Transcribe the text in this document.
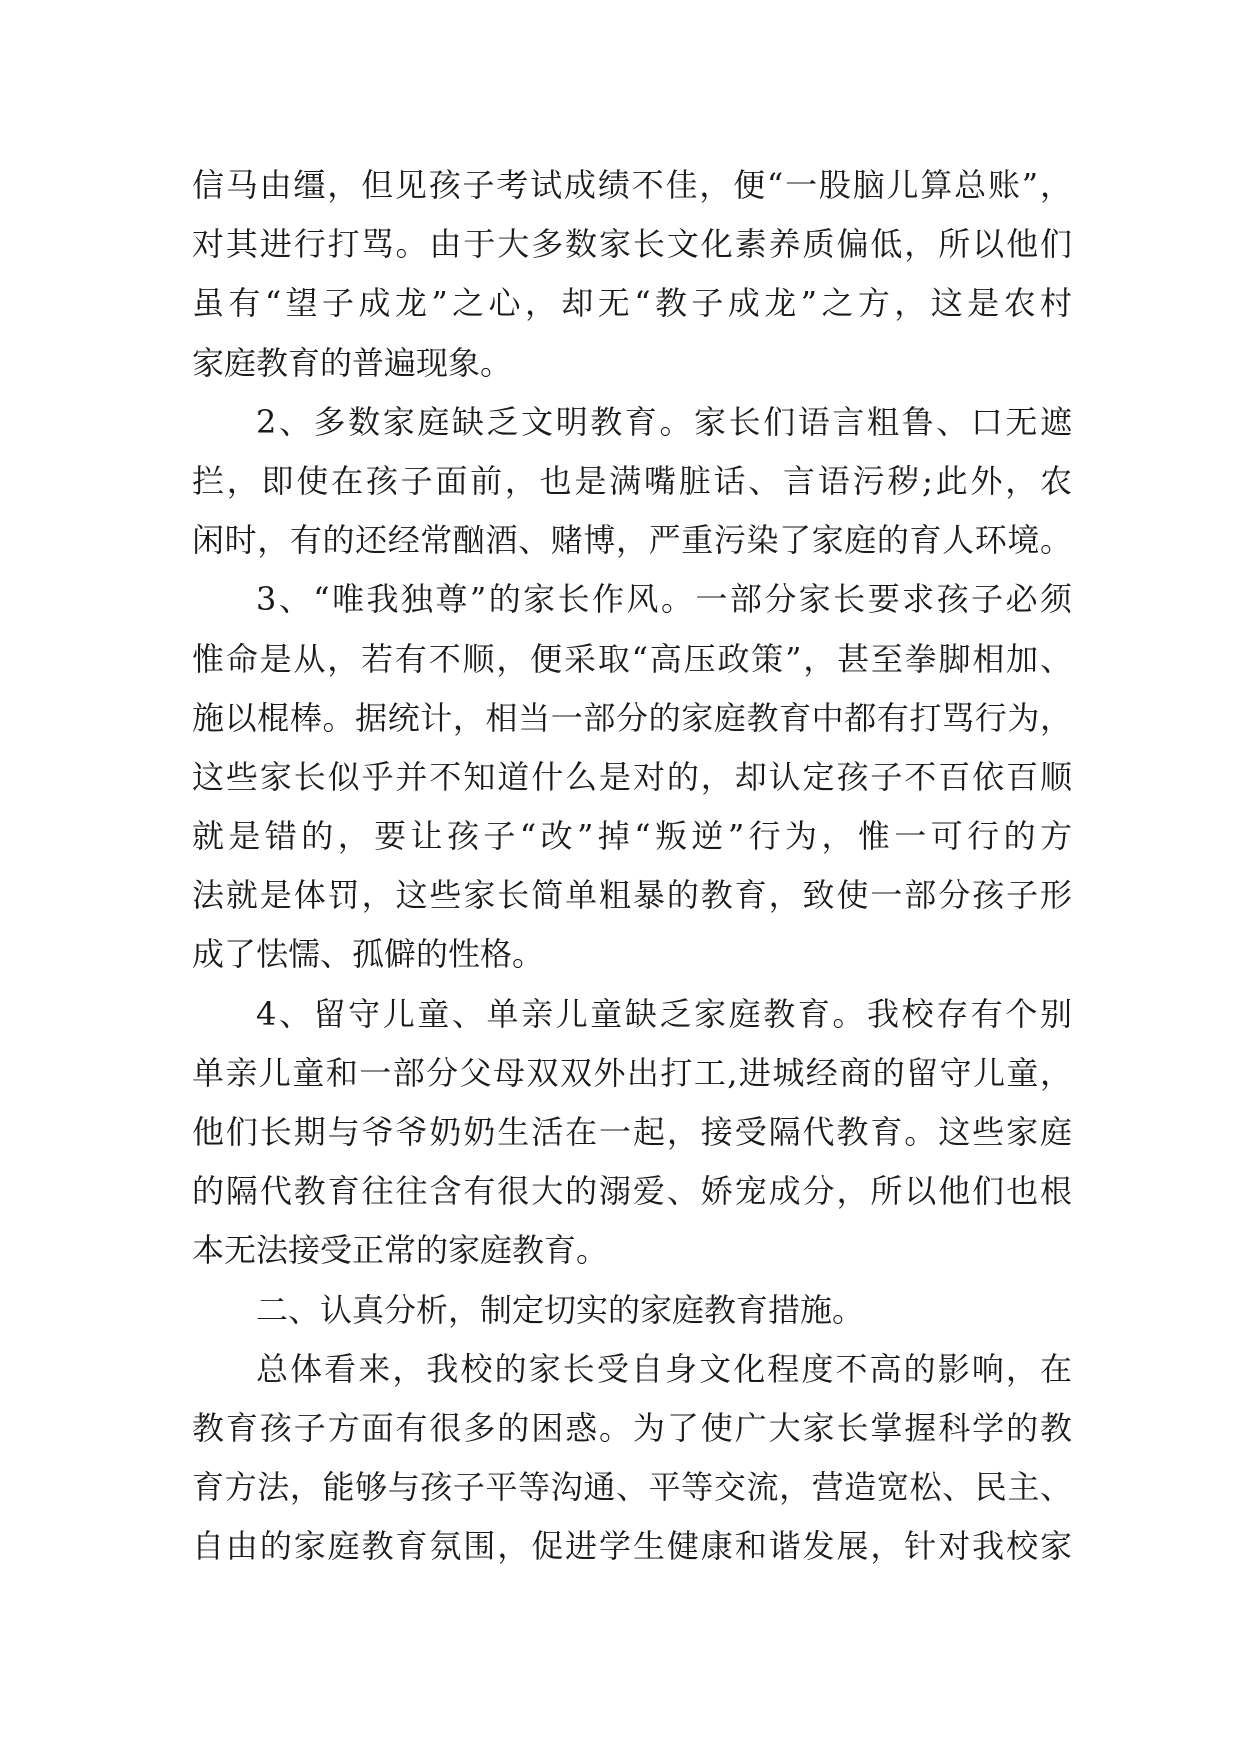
信马由缰，但见孩子考试成绩不佳，便“一股脑儿算总账”，
对其进行打骂。由于大多数家长文化素养质偏低，所以他们
虽有“望子成龙”之心，却无“教子成龙”之方，这是农村
家庭教育的普遍现象。
2、多数家庭缺乏文明教育。家长们语言粗鲁、口无遮
拦，即使在孩子面前，也是满嘴脏话、言语污秽;此外，农
闲时，有的还经常酗酒、赌博，严重污染了家庭的育人环境。
3、“唯我独尊”的家长作风。一部分家长要求孩子必须
惟命是从，若有不顺，便采取“高压政策”，甚至拳脚相加、
施以棍棒。据统计，相当一部分的家庭教育中都有打骂行为，
这些家长似乎并不知道什么是对的，却认定孩子不百依百顺
就是错的，要让孩子“改”掉“叛逆”行为，惟一可行的方
法就是体罚，这些家长简单粗暴的教育，致使一部分孩子形
成了怯懦、孤僻的性格。
4、留守儿童、单亲儿童缺乏家庭教育。我校存有个别
单亲儿童和一部分父母双双外出打工,进城经商的留守儿童，
他们长期与爷爷奶奶生活在一起，接受隔代教育。这些家庭
的隔代教育往往含有很大的溺爱、娇宠成分，所以他们也根
本无法接受正常的家庭教育。
二、认真分析，制定切实的家庭教育措施。
总体看来，我校的家长受自身文化程度不高的影响，在
教育孩子方面有很多的困惑。为了使广大家长掌握科学的教
育方法，能够与孩子平等沟通、平等交流，营造宽松、民主、
自由的家庭教育氛围，促进学生健康和谐发展，针对我校家
